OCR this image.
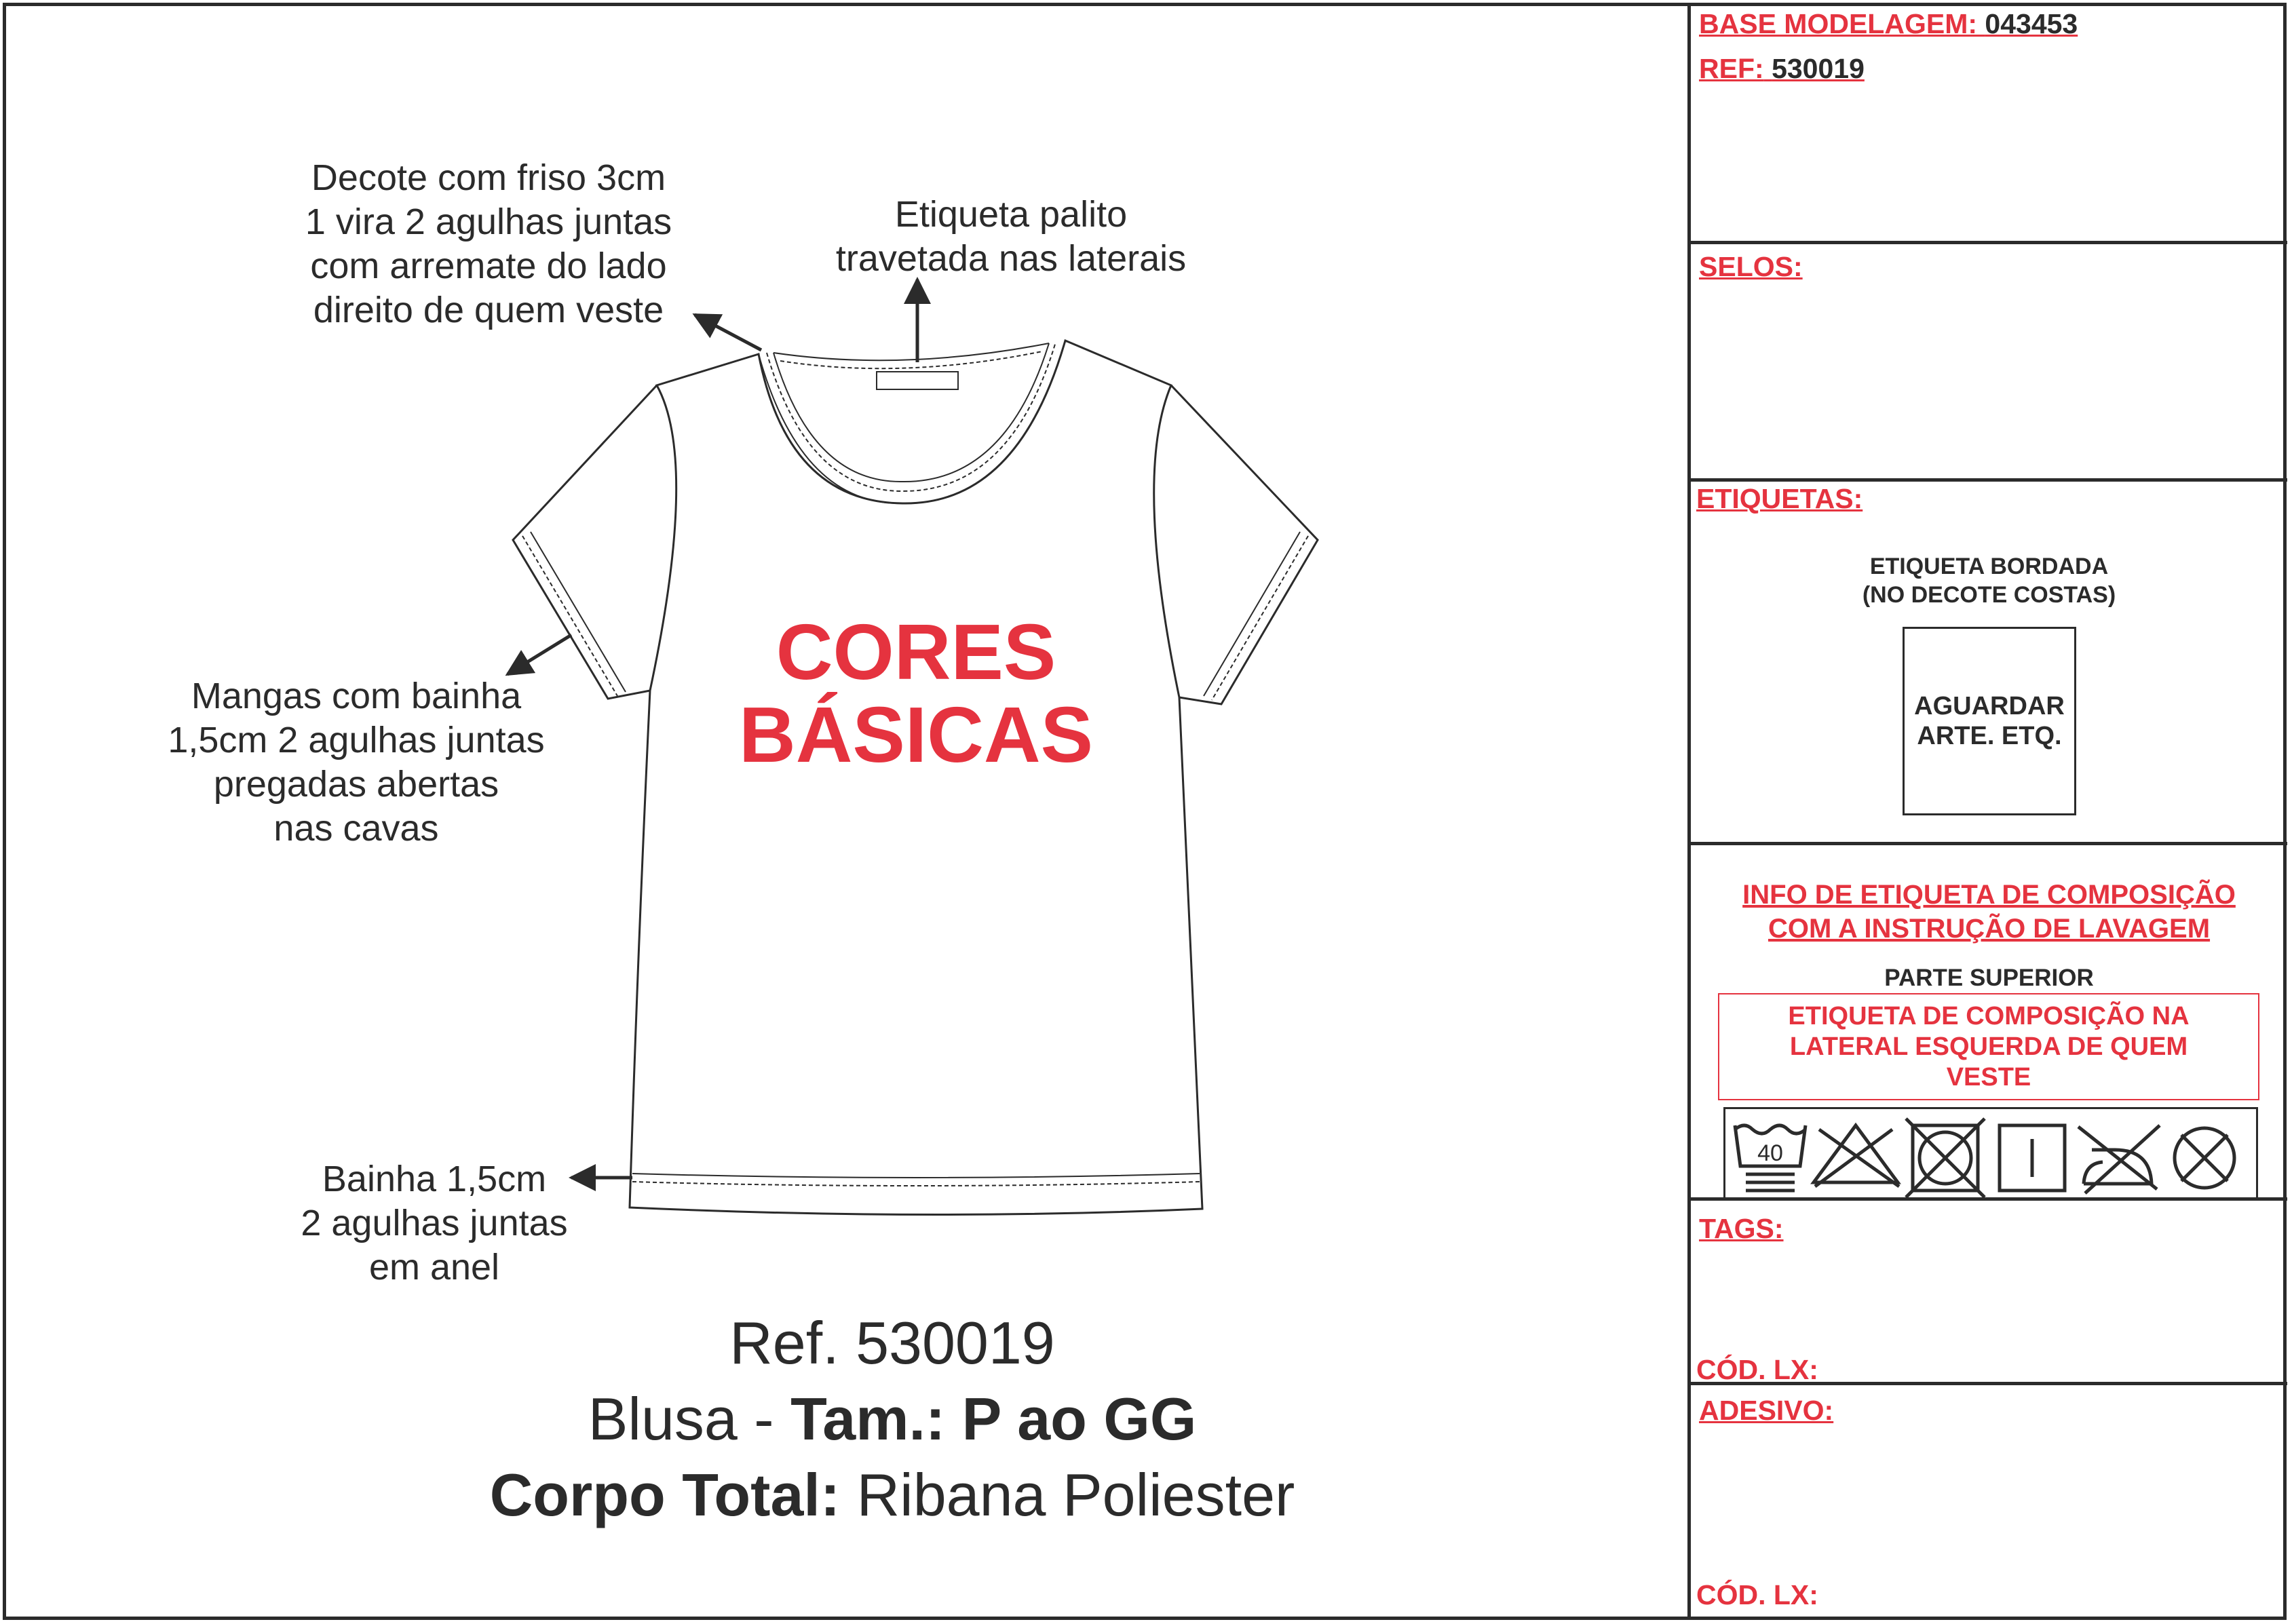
CORES
BÁSICAS
Decote com friso 3cm
1 vira 2 agulhas juntas
com arremate do lado
direito de quem veste
Etiqueta palito
travetada nas laterais
Mangas com bainha
1,5cm 2 agulhas juntas
pregadas abertas
nas cavas
Bainha 1,5cm
2 agulhas juntas
em anel
Ref. 530019
Blusa - Tam.: P ao GG
Corpo Total: Ribana Poliester
BASE MODELAGEM: 043453
REF: 530019
SELOS:
ETIQUETAS:
ETIQUETA BORDADA
(NO DECOTE COSTAS)
AGUARDAR
ARTE. ETQ.
INFO DE ETIQUETA DE COMPOSIÇÃO
COM A INSTRUÇÃO DE LAVAGEM
PARTE SUPERIOR
ETIQUETA DE COMPOSIÇÃO NA
LATERAL ESQUERDA DE QUEM
VESTE
40
TAGS:
CÓD. LX:
ADESIVO:
CÓD. LX:
